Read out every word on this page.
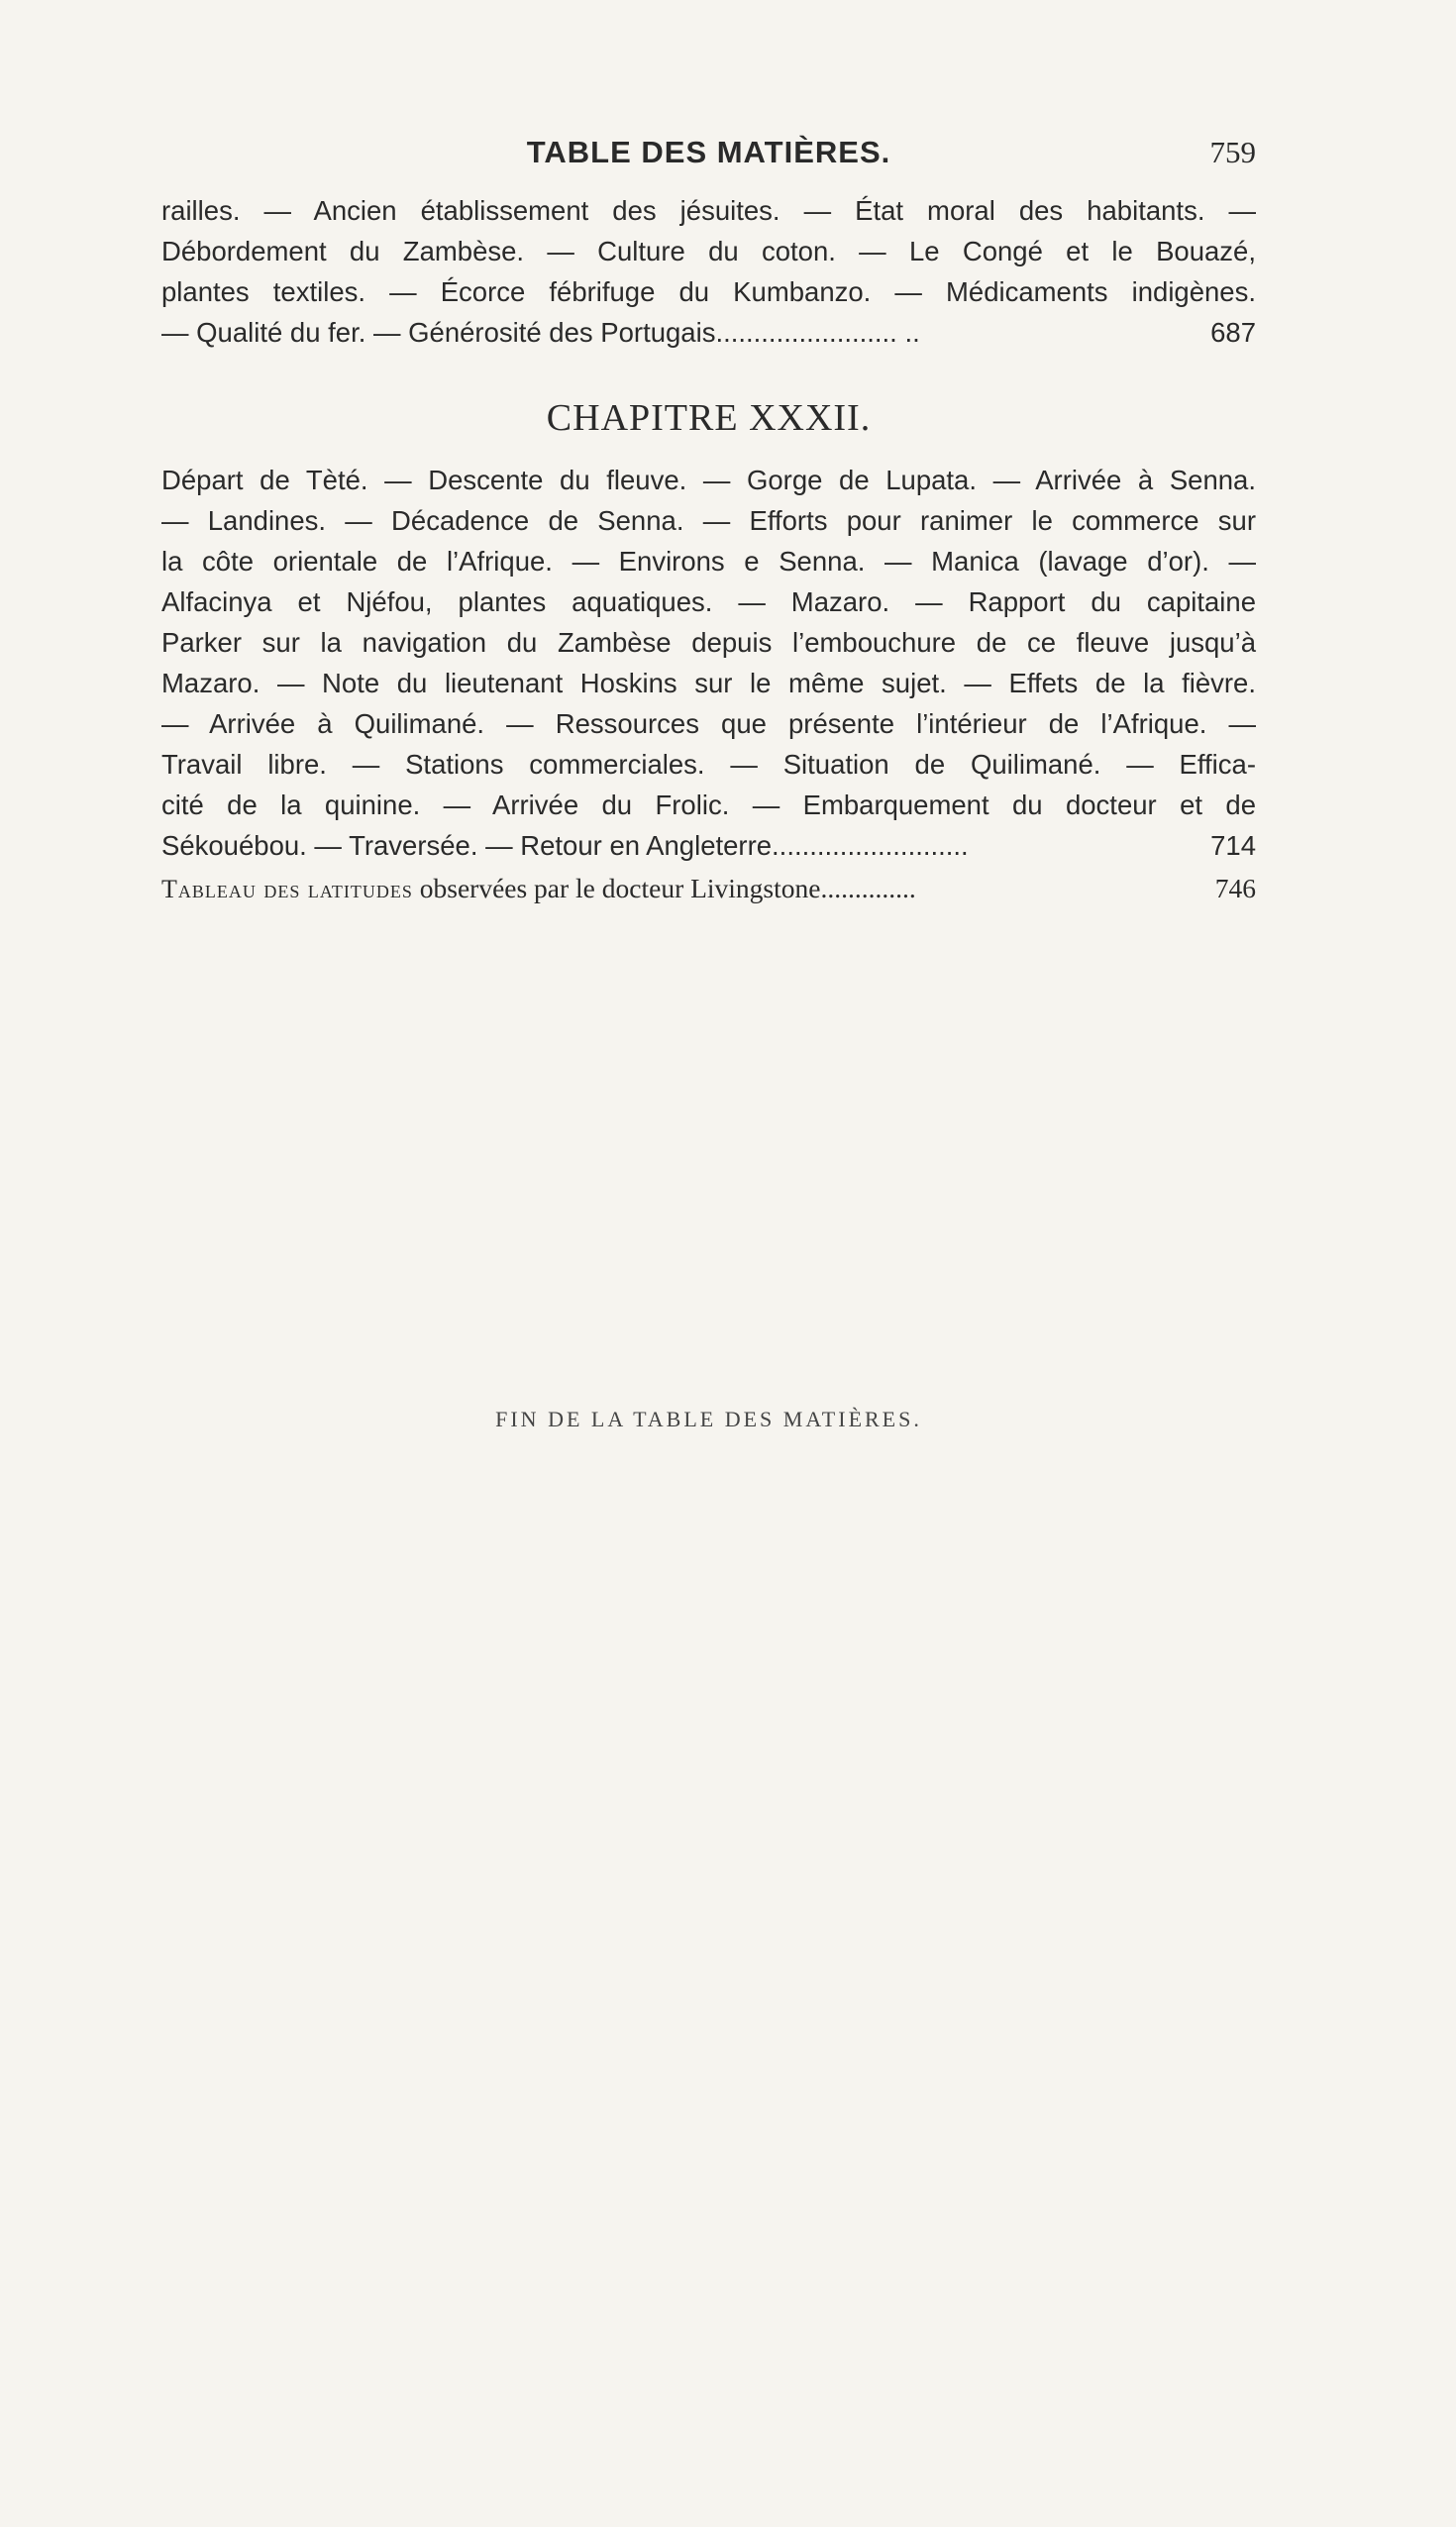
TABLE DES MATIÈRES.	759
railles. — Ancien établissement des jésuites. — État moral des habitants. —
Débordement du Zambèse. — Culture du coton. — Le Congé et le Bouazé,
plantes textiles. — Écorce fébrifuge du Kumbanzo. — Médicaments indigènes.
— Qualité du fer. — Générosité des Portugais........................ ..	687
CHAPITRE XXXII.
Départ de Tèté. — Descente du fleuve. — Gorge de Lupata. — Arrivée à Senna.
— Landines. — Décadence de Senna. — Efforts pour ranimer le commerce sur
la côte orientale de l’Afrique. — Environs e Senna. — Manica (lavage d’or). —
Alfacinya et Njéfou, plantes aquatiques. — Mazaro. — Rapport du capitaine
Parker sur la navigation du Zambèse depuis l’embouchure de ce fleuve jusqu’à
Mazaro. — Note du lieutenant Hoskins sur le même sujet. — Effets de la fièvre.
— Arrivée à Quilimané. — Ressources que présente l’intérieur de l’Afrique. —
Travail libre. — Stations commerciales. — Situation de Quilimané. — Effica-
cité de la quinine. — Arrivée du Frolic. — Embarquement du docteur et de
Sékouébou. — Traversée. — Retour en Angleterre..........................	714
Tableau des latitudes observées par le docteur Livingstone..............	746
FIN DE LA TABLE DES MATIÈRES.
